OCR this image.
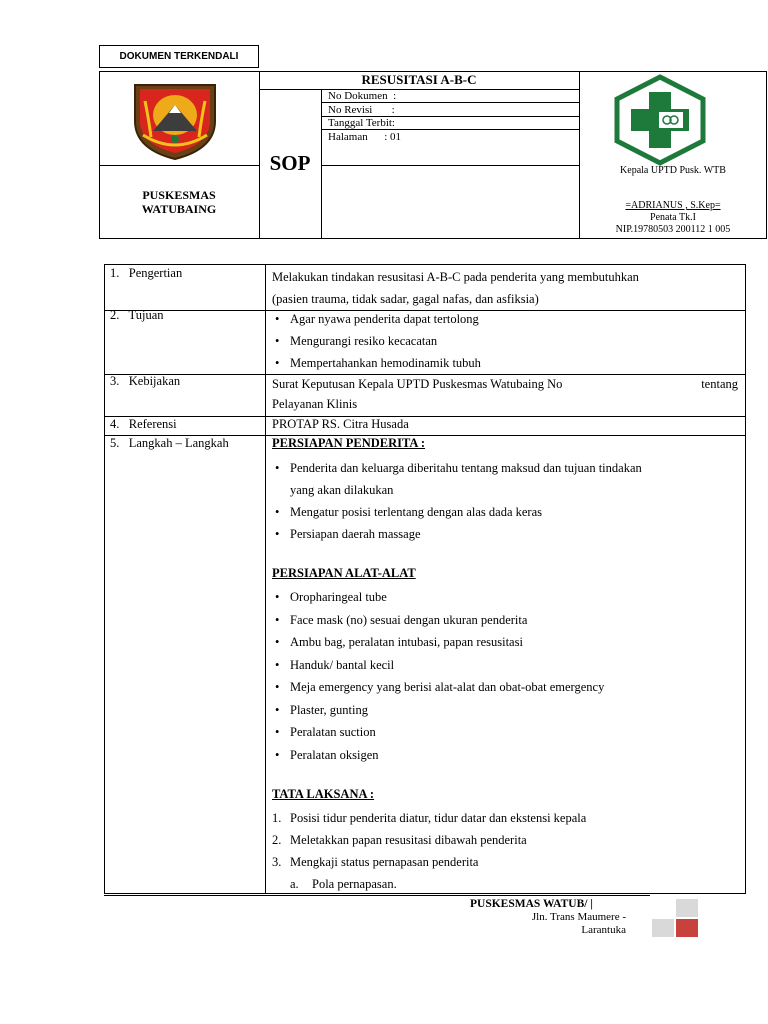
DOKUMEN TERKENDALI
PUSKESMAS
WATUBAING
RESUSITASI A-B-C
SOP
No Dokumen :
No Revisi :
Tanggal Terbit:
Halaman : 01
Kepala UPTD Pusk. WTB
=ADRIANUS , S.Kep=
Penata Tk.I
NIP.19780503 200112 1 005
1. Pengertian	Melakukan tindakan resusitasi A-B-C pada penderita yang membutuhkan
(pasien trauma, tidak sadar, gagal nafas, dan asfiksia)
2. Tujuan
•	Agar nyawa penderita dapat tertolong
• Mengurangi resiko kecacatan
• Mempertahankan hemodinamik tubuh
3. Kebijakan	Surat Keputusan Kepala UPTD Puskesmas Watubaing No	tentang
Pelayanan Klinis
4. Referensi	PROTAP RS. Citra Husada
5. Langkah – Langkah	PERSIAPAN PENDERITA :
• Penderita dan keluarga diberitahu tentang maksud dan tujuan tindakan
yang akan dilakukan
• Mengatur posisi terlentang dengan alas dada keras
• Persiapan daerah massage
PERSIAPAN ALAT-ALAT
• Oropharingeal tube
• Face mask (no) sesuai dengan ukuran penderita
• Ambu bag, peralatan intubasi, papan resusitasi
• Handuk/ bantal kecil
• Meja emergency yang berisi alat-alat dan obat-obat emergency
• Plaster, gunting
• Peralatan suction
• Peralatan oksigen
TATA LAKSANA :
1. Posisi tidur penderita diatur, tidur datar dan ekstensi kepala
2. Meletakkan papan resusitasi dibawah penderita
3. Mengkaji status pernapasan penderita
a. Pola pernapasan.
PUSKESMAS WATUB/ |
Jln. Trans Maumere -
Larantuka
